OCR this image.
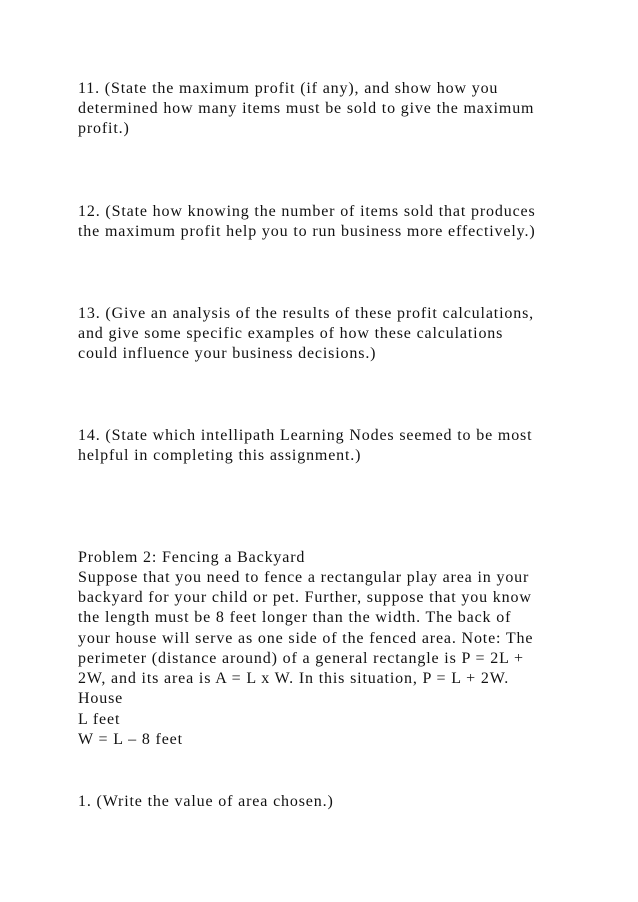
11. (State the maximum profit (if any), and show how you
determined how many items must be sold to give the maximum
profit.)
12. (State how knowing the number of items sold that produces
the maximum profit help you to run business more effectively.)
13. (Give an analysis of the results of these profit calculations,
and give some specific examples of how these calculations
could influence your business decisions.)
14. (State which intellipath Learning Nodes seemed to be most
helpful in completing this assignment.)
Problem 2: Fencing a Backyard
Suppose that you need to fence a rectangular play area in your
backyard for your child or pet. Further, suppose that you know
the length must be 8 feet longer than the width. The back of
your house will serve as one side of the fenced area. Note: The
perimeter (distance around) of a general rectangle is P = 2L +
2W, and its area is A = L x W. In this situation, P = L + 2W.
House
L feet
W = L – 8 feet
1. (Write the value of area chosen.)
